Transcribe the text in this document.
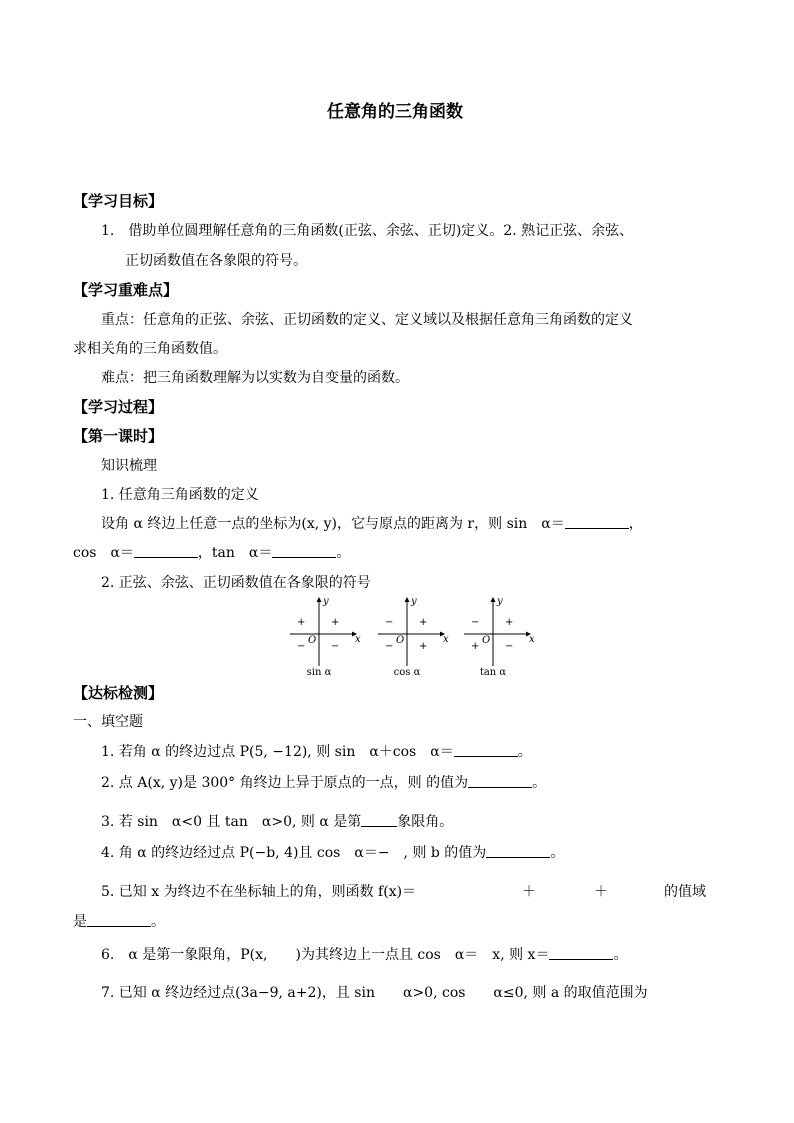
任意角的三角函数
【学习目标】
1.　借助单位圆理解任意角的三角函数(正弦、余弦、正切)定义。2. 熟记正弦、余弦、
正切函数值在各象限的符号。
【学习重难点】
重点：任意角的正弦、余弦、正切函数的定义、定义域以及根据任意角三角函数的定义
求相关角的三角函数值。
难点：把三角函数理解为以实数为自变量的函数。
【学习过程】
【第一课时】
知识梳理
1. 任意角三角函数的定义
设角 α 终边上任意一点的坐标为(x, y)，它与原点的距离为 r，则 sin　α＝	，
cos　α＝	，tan　α＝	。
2. 正弦、余弦、正切函数值在各象限的符号
x
y
O
+
+
−	−
sin α
x
y
O
+
−
−	+
cos α
x
y
O
+
−
+	−
tan α
【达标检测】
一、填空题
1. 若角 α 的终边过点 P(5, −12), 则 sin　α＋cos　α＝	。
2. 点 A(x, y)是 300° 角终边上异于原点的一点，则 的值为	。
3. 若 sin　α<0 且 tan　α>0, 则 α 是第	象限角。
4. 角 α 的终边经过点 P(−b, 4)且 cos　α＝−　, 则 b 的值为	。
5. 已知 x 为终边不在坐标轴上的角，则函数 f(x)＝	＋	＋	的值域
是	。
6.　α 是第一象限角，P(x,　　)为其终边上一点且 cos　α＝　x, 则 x＝	。
7. 已知 α 终边经过点(3a−9, a+2)，且 sin　　α>0, cos　　α≤0, 则 a 的取值范围为
